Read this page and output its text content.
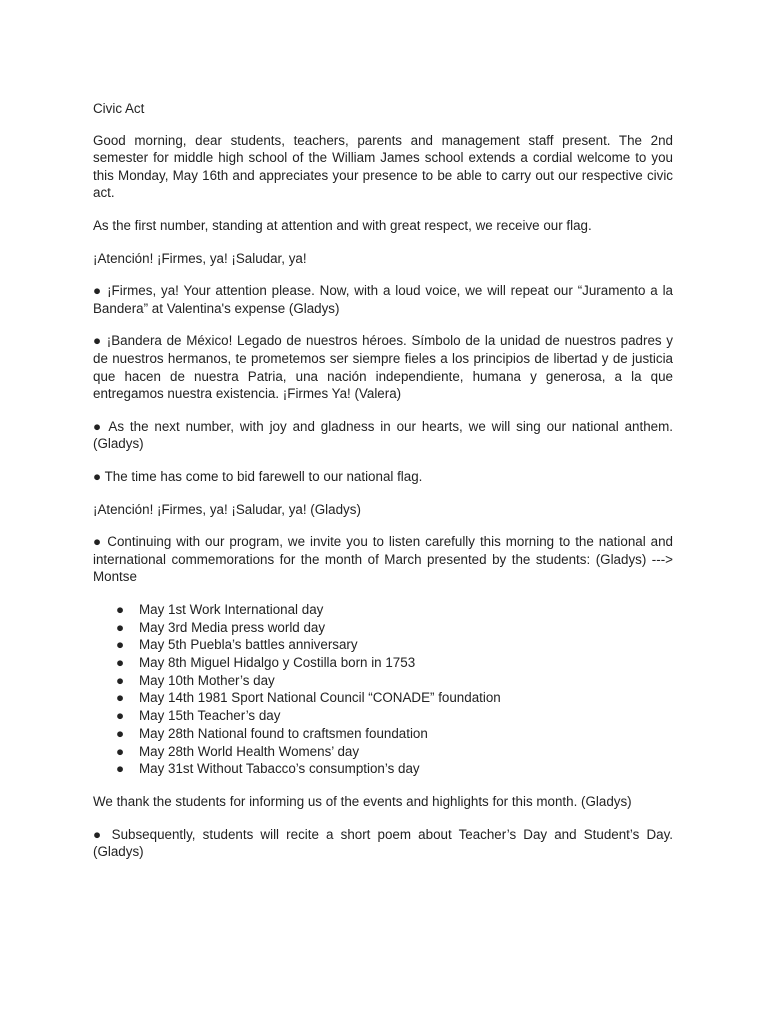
Civic Act

Good morning, dear students, teachers, parents and management staff present. The 2nd semester for middle high school of the William James school extends a cordial welcome to you this Monday, May 16th and appreciates your presence to be able to carry out our respective civic act.

As the first number, standing at attention and with great respect, we receive our flag.

¡Atención! ¡Firmes, ya! ¡Saludar, ya!

● ¡Firmes, ya! Your attention please. Now, with a loud voice, we will repeat our “Juramento a la Bandera” at Valentina's expense (Gladys)

● ¡Bandera de México! Legado de nuestros héroes. Símbolo de la unidad de nuestros padres y de nuestros hermanos, te prometemos ser siempre fieles a los principios de libertad y de justicia que hacen de nuestra Patria, una nación independiente, humana y generosa, a la que entregamos nuestra existencia. ¡Firmes Ya! (Valera)

● As the next number, with joy and gladness in our hearts, we will sing our national anthem. (Gladys)

● The time has come to bid farewell to our national flag.

¡Atención! ¡Firmes, ya! ¡Saludar, ya! (Gladys)

● Continuing with our program, we invite you to listen carefully this morning to the national and international commemorations for the month of March presented by the students: (Gladys) ---> Montse

● May 1st Work International day
● May 3rd Media press world day
● May 5th Puebla’s battles anniversary
● May 8th Miguel Hidalgo y Costilla born in 1753
● May 10th Mother’s day
● May 14th 1981 Sport National Council “CONADE” foundation
● May 15th Teacher’s day
● May 28th National found to craftsmen foundation
● May 28th World Health Womens’ day
● May 31st Without Tabacco’s consumption’s day

We thank the students for informing us of the events and highlights for this month. (Gladys)

● Subsequently, students will recite a short poem about Teacher’s Day and Student’s Day. (Gladys)
